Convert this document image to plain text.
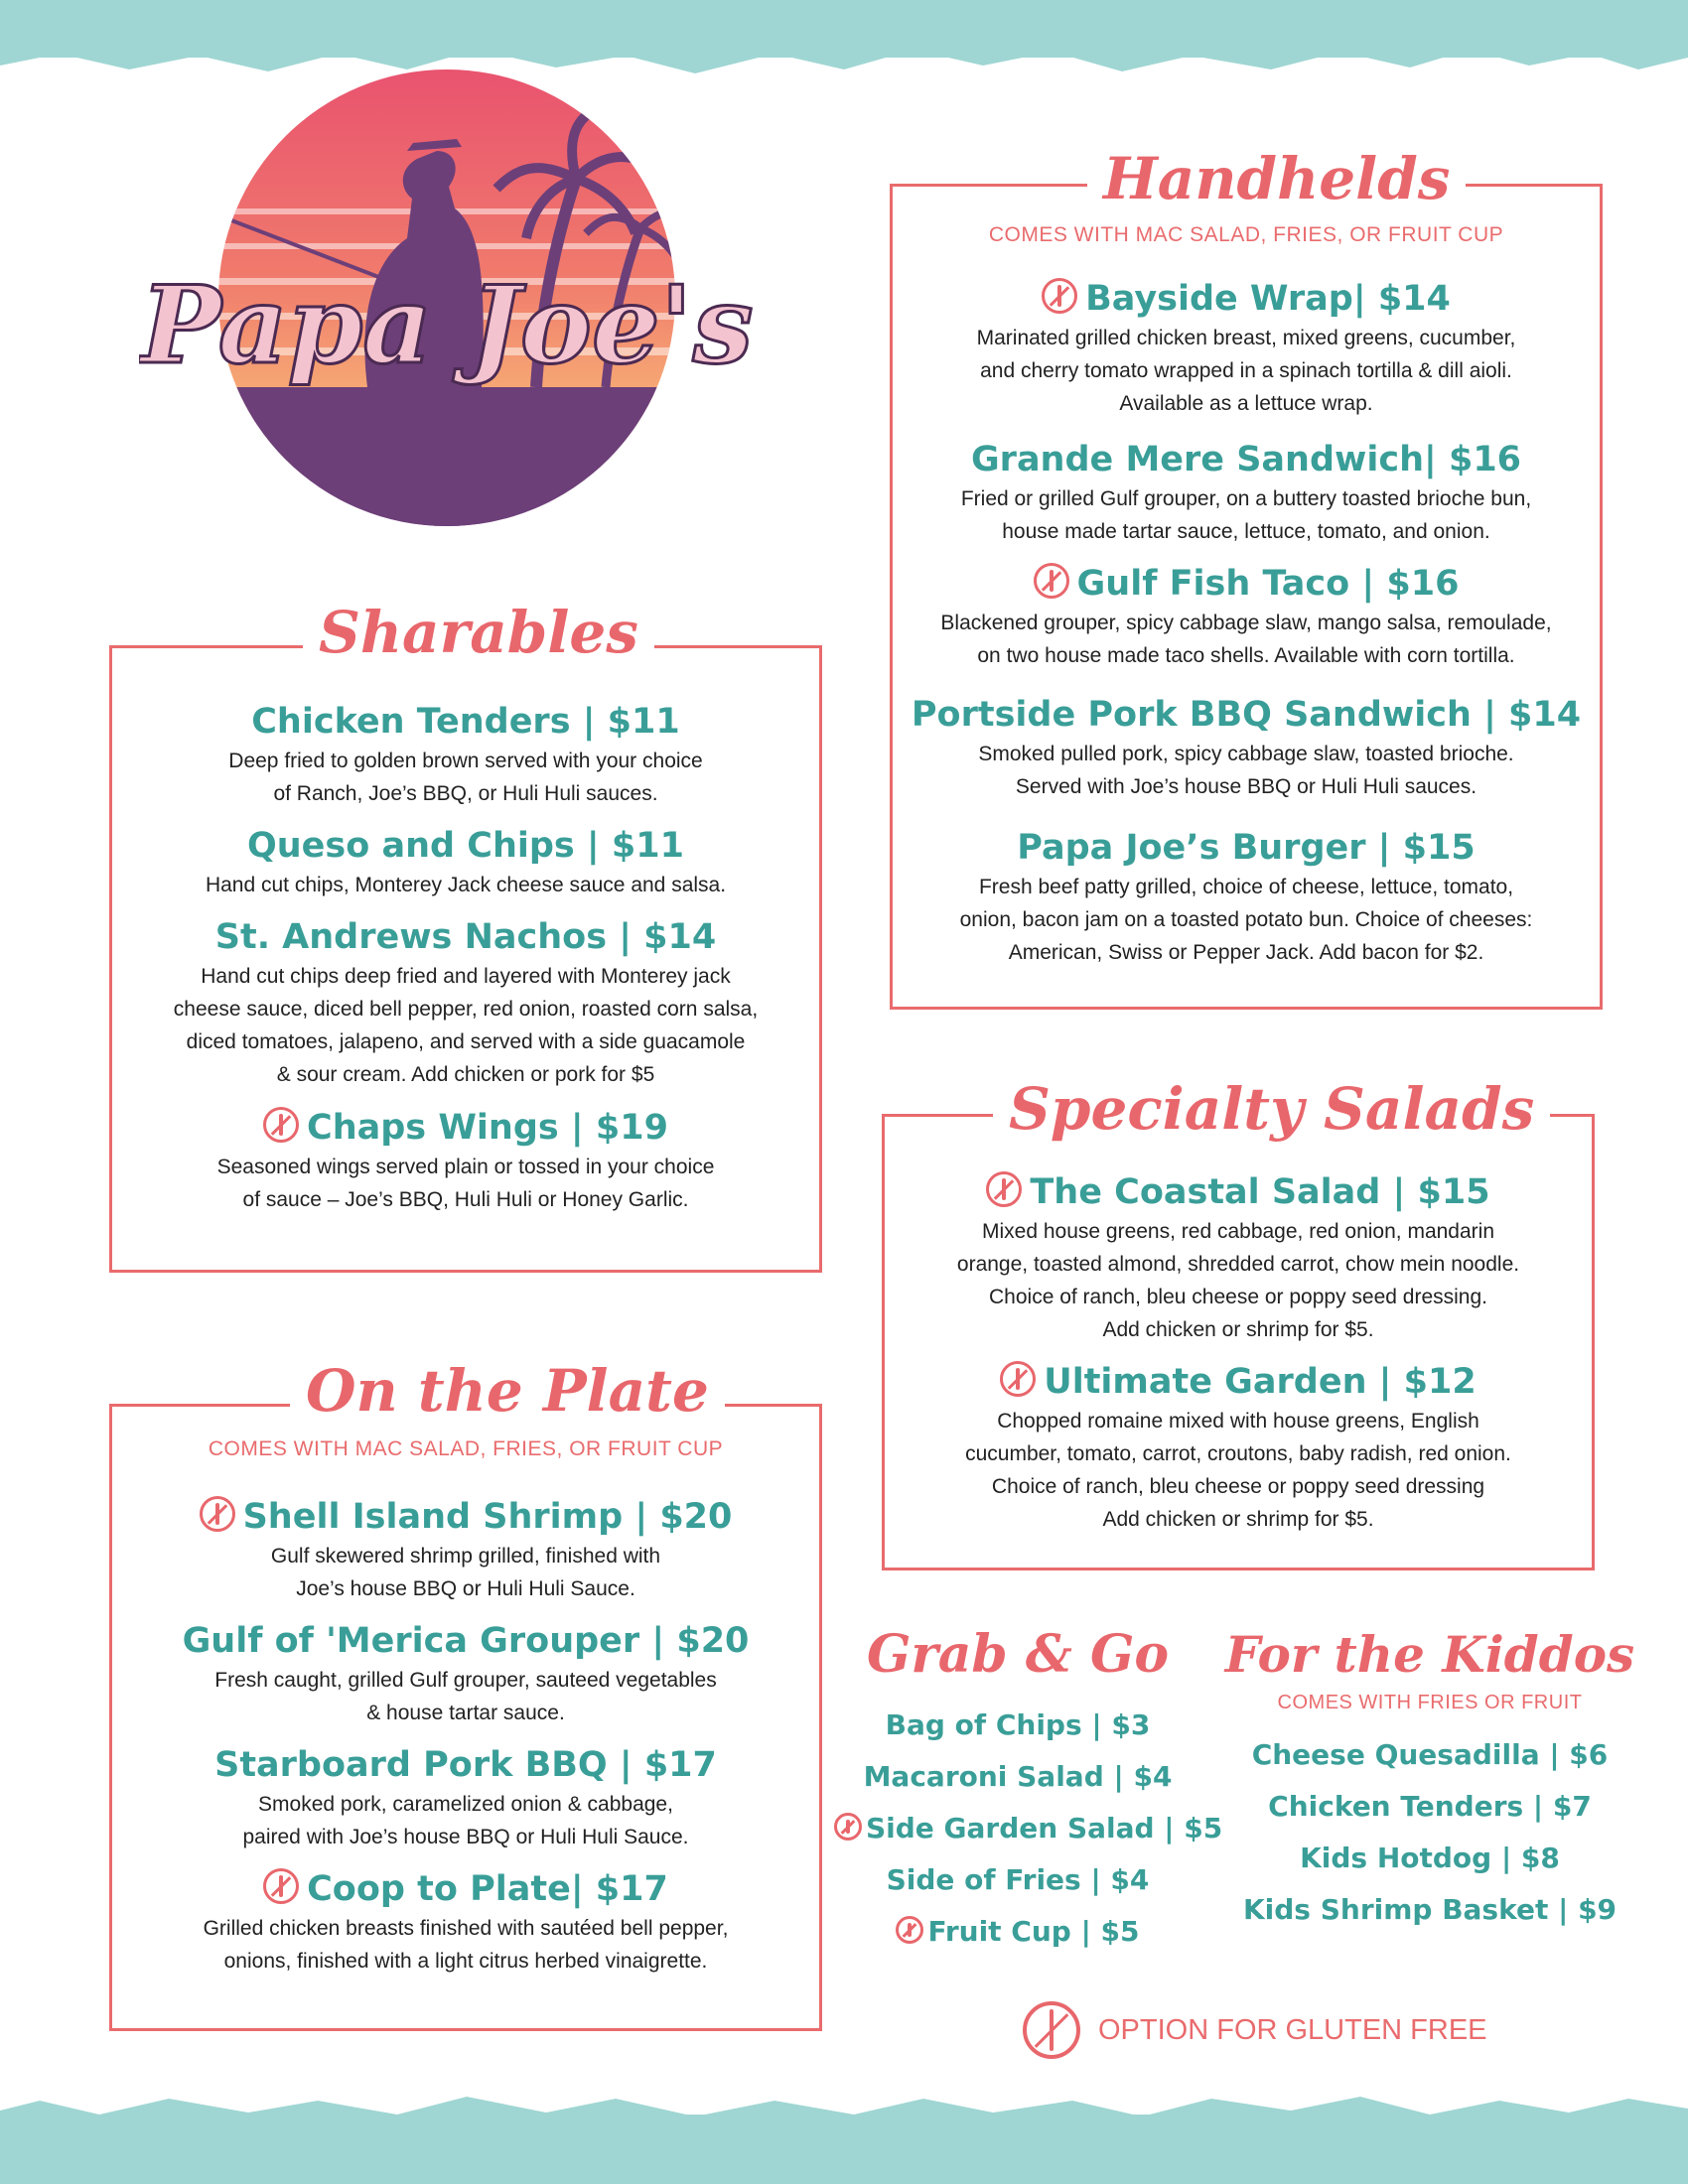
Papa Joe's
Sharables
Chicken Tenders | $11

Deep fried to golden brown served with your choice

of Ranch, Joe’s BBQ, or Huli Huli sauces.

Queso and Chips | $11

Hand cut chips, Monterey Jack cheese sauce and salsa.

St. Andrews Nachos | $14

Hand cut chips deep fried and layered with Monterey jack

cheese sauce, diced bell pepper, red onion, roasted corn salsa,

diced tomatoes, jalapeno, and served with a side guacamole

& sour cream. Add chicken or pork for $5

Chaps Wings | $19

Seasoned wings served plain or tossed in your choice

of sauce – Joe’s BBQ, Huli Huli or Honey Garlic.

On the Plate
COMES WITH MAC SALAD, FRIES, OR FRUIT CUP
Shell Island Shrimp | $20

Gulf skewered shrimp grilled, finished with

Joe’s house BBQ or Huli Huli Sauce.

Gulf of 'Merica Grouper | $20

Fresh caught, grilled Gulf grouper, sauteed vegetables

& house tartar sauce.

Starboard Pork BBQ | $17

Smoked pork, caramelized onion & cabbage,

paired with Joe’s house BBQ or Huli Huli Sauce.

Coop to Plate| $17

Grilled chicken breasts finished with sautéed bell pepper,

onions, finished with a light citrus herbed vinaigrette.

Handhelds
COMES WITH MAC SALAD, FRIES, OR FRUIT CUP
Bayside Wrap| $14

Marinated grilled chicken breast, mixed greens, cucumber,

and cherry tomato wrapped in a spinach tortilla & dill aioli.

Available as a lettuce wrap.

Grande Mere Sandwich| $16

Fried or grilled Gulf grouper, on a buttery toasted brioche bun,

house made tartar sauce, lettuce, tomato, and onion.

Gulf Fish Taco | $16

Blackened grouper, spicy cabbage slaw, mango salsa, remoulade,

on two house made taco shells. Available with corn tortilla.

Portside Pork BBQ Sandwich | $14

Smoked pulled pork, spicy cabbage slaw, toasted brioche.

Served with Joe’s house BBQ or Huli Huli sauces.

Papa Joe’s Burger | $15

Fresh beef patty grilled, choice of cheese, lettuce, tomato,

onion, bacon jam on a toasted potato bun. Choice of cheeses:

American, Swiss or Pepper Jack. Add bacon for $2.

Specialty Salads
The Coastal Salad | $15

Mixed house greens, red cabbage, red onion, mandarin

orange, toasted almond, shredded carrot, chow mein noodle.

Choice of ranch, bleu cheese or poppy seed dressing.

Add chicken or shrimp for $5.

Ultimate Garden | $12

Chopped romaine mixed with house greens, English

cucumber, tomato, carrot, croutons, baby radish, red onion.

Choice of ranch, bleu cheese or poppy seed dressing

Add chicken or shrimp for $5.

Grab & Go
Bag of Chips | $3
Macaroni Salad | $4
Side Garden Salad | $5
Side of Fries | $4
Fruit Cup | $5
For the Kiddos
COMES WITH FRIES OR FRUIT
Cheese Quesadilla | $6
Chicken Tenders | $7
Kids Hotdog | $8
Kids Shrimp Basket | $9
OPTION FOR GLUTEN FREE
